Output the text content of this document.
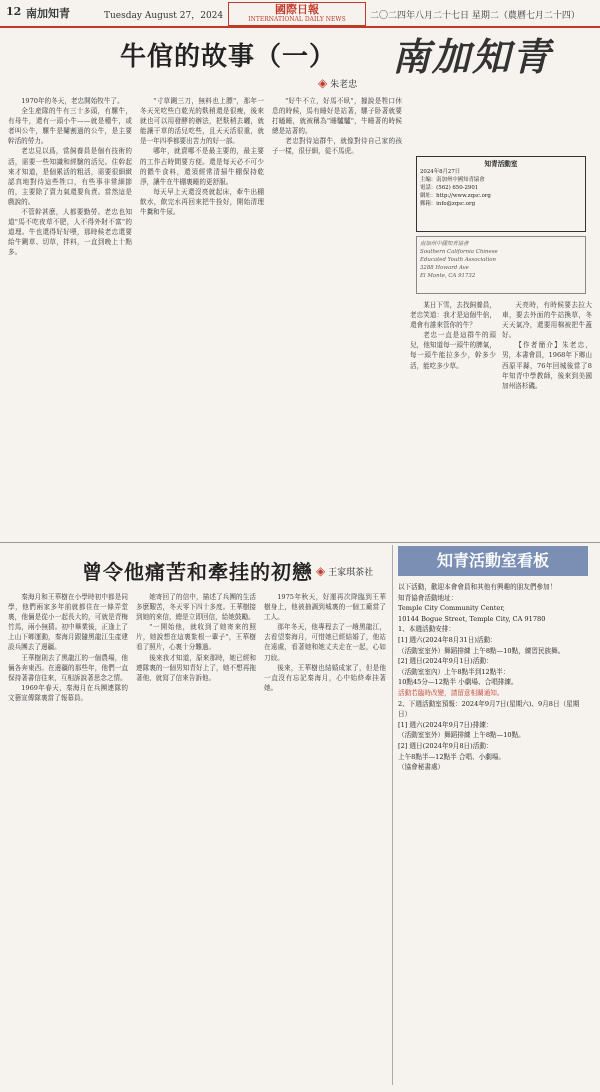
12 南加知青	Tuesday August 27，2024	國際日報
INTERNATIONAL DAILY NEWS	二〇二四年八月二十七日 星期二（農曆七月二十四）
牛倌的故事（一）
◈ 朱老忠
南加知青

1970年的冬天，老忠開始牧牛了。

全生産隊的牛有三十多頭，有騾牛，有母牛，還有一頭小牛——就是種牛，或者叫公牛，騾牛是閹割過的公牛，是主要幹活的勞力。

老忠見以爲，當飼養員是個有技術的活，需要一些知識和經驗的活兒。住幹起來才知道，是個累活的粗活，需要很細緻認真地對待這些牲口，有些事非常細節的，主要除了賣力氣還要負責。當然這是戲說的。

不管幹甚麽，人都要勤勞。老忠也知道"馬不吃夜草不肥，人不得外財不富"的道理。牛也還得好好喂，那時候老忠還要給牛鍘草、切草，拌料，一直到晚上十點多。

"寸草鍘三刀，無料也上膘"，那年一冬天光吃些白乾光的麩稍還是很瘦，後來就也可以用發酵的辦法，把麩稍去曬，就能讓干草的活兒吃些，且天天活很重，就是一年四季都要出苦力的好一部。

哪年，就賣哪不是最主要的，最主要的工作占時間要方便。還是每天必不可少的餵牛食料，還須經常清掃牛棚保持乾淨，讓牛在牛棚裏睡的更舒服。

每天早上天還沒亮就起床，牽牛出棚飲水，飲完水再回來把牛拴好，開始清理牛糞和牛尿。

"好牛不立，好馬不臥"，據說是牲口休息的時候，馬有睡好是站著，騾子卧著就要打瞌睡，就被稱為"睡驢驢"，牛睡著的時候總是站著的。

老忠對待這群牛，就像對待自己家的孩子一樣，很仔細，從不馬虎。

知青活動室
2024年8月27日
主編：南加州中國知青協會
電話：(562) 650-2901
網址：http://www.zqsc.org
郵箱：info@zqsc.org
南加州中國知青協會
Southern California Chinese
Educated Youth Association
3288 Howard Ave
El Monte, CA 91732

某日下雪，去找飼養員，老忠笑道：我才是這個牛倌，還會有誰來管你的牛？

老忠一直是這群牛的頭兒，他知道每一頭牛的脾氣，每一頭牛能拉多少，幹多少活，能吃多少草。

天亮時，有時候要去拉大車，要去外面的牛站換草，冬天天氣冷，還要用棉被把牛蓋好。

【作者簡介】朱老忠，男，本書會員，1968年下鄉山西原平縣，76年回城後當了8年知青中學教師，後來到美國加州洛杉磯。

曾令他痛苦和牽挂的初戀 ◈ 王家琪茶社

秦海月和王華樹在小學時初中都是同學，他們兩家多年前就都住在一條弄堂裏，他倆是從小一起長大的，可就是青梅竹馬，兩小無猜。初中畢業後，正逢上了上山下鄉運動，秦海月跟隨黑龍江生產建設兵團去了邊疆。

王華樹則去了黑龍江的一個農場，他倆各奔東西。在邊疆的那些年，他們一直保持著書信往來，互相訴說著思念之情。

1969年春天，秦海月在兵團連隊的文藝宣傳隊裏當了報幕員。

她寄回了的信中，描述了兵團的生活多麽艱苦，冬天零下四十多度。王華樹接到她的來信，總是立即回信，給她鼓勵。

"一開始他，就收到了她寄來的照片，她說想在這裏紮根一輩子"，王華樹看了照片，心裏十分難過。

後來我才知道，原來那時，她已經和連隊裏的一個男知青好上了，她不想再拖著他，就寫了信來告訴他。

1975年秋天，好運再次降臨到王華樹身上，他被抽調到城裏的一個工廠當了工人。

那年冬天，他專程去了一趟黑龍江，去看望秦海月，可惜她已經結婚了，他站在遠處，看著她和她丈夫走在一起，心如刀絞。

後來，王華樹也結婚成家了，但是他一直沒有忘記秦海月，心中始終牽挂著她。

知青活動室看板

以下活動，歡迎本會會員和其他有興趣的朋友們參加！

知青協會活動地址：

Temple City Community Center,

10144 Bogue Street, Temple City, CA 91780

1、本週活動安排：

[1] 週六(2024年8月31日)活動：

（活動室室外）舞蹈排練 上午8點—10點，練習民族舞。

[2] 週日(2024年9月1日)活動：

（活動室室內）上午8點半到12點半：

10點45分—12點半 小劇場、合唱排練。

活動若臨時改變，請留意相關通知。

2、下週活動室預報：2024年9月7日(星期六)、9月8日（星期日）

[1] 週六(2024年9月7日)排練：

（活動室室外）舞蹈排練 上午8點—10點。

[2] 週日(2024年9月8日)活動：

上午8點半—12點半 合唱、小劇場。

（協會秘書處）
